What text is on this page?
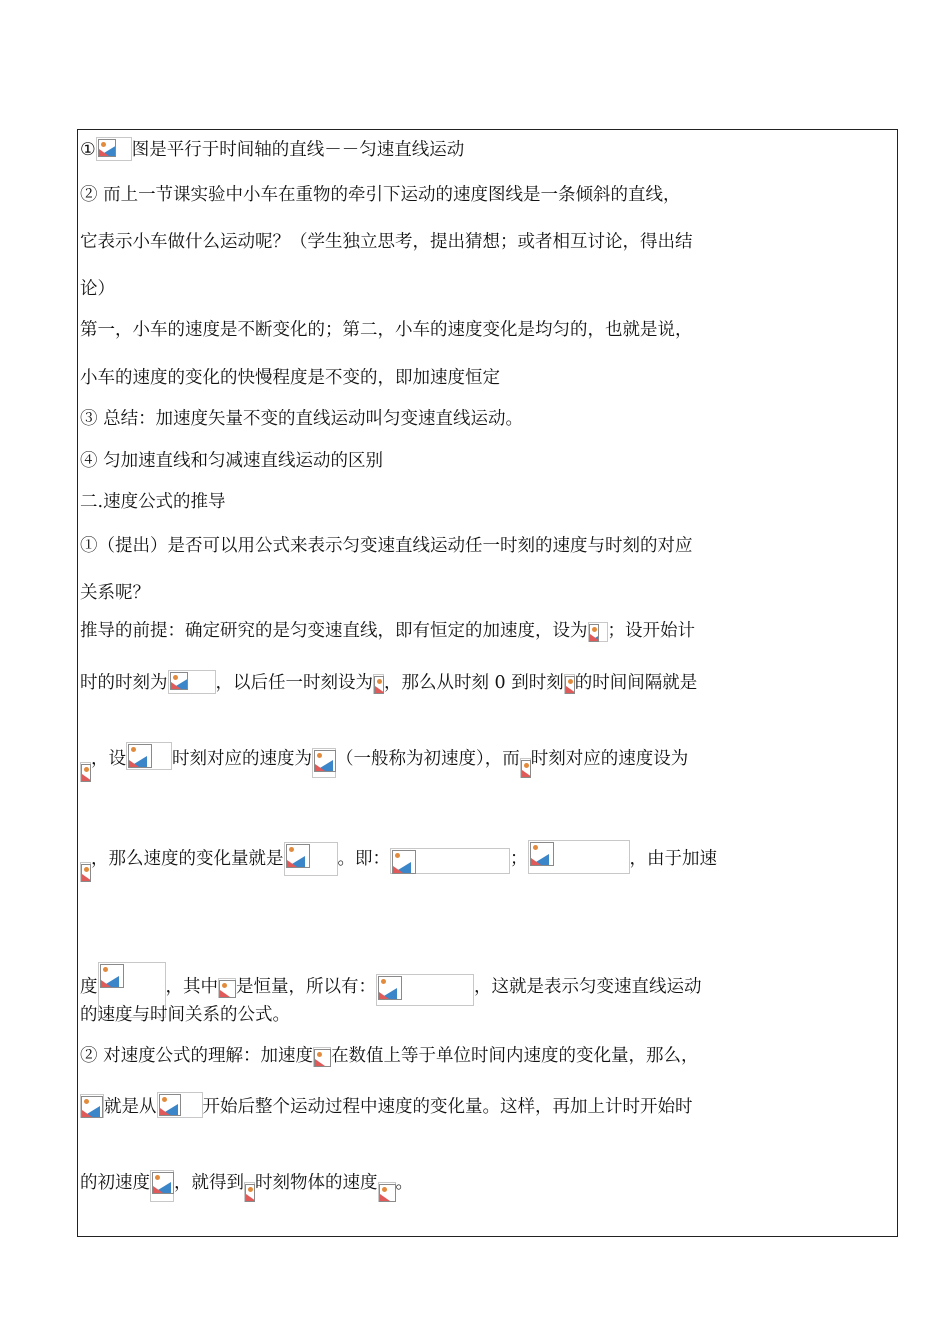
① 图是平行于时间轴的直线－－匀速直线运动
② 而上一节课实验中小车在重物的牵引下运动的速度图线是一条倾斜的直线，
它表示小车做什么运动呢？（学生独立思考，提出猜想；或者相互讨论，得出结
论）
第一，小车的速度是不断变化的；第二，小车的速度变化是均匀的，也就是说，
小车的速度的变化的快慢程度是不变的，即加速度恒定
③ 总结：加速度矢量不变的直线运动叫匀变速直线运动。
④ 匀加速直线和匀减速直线运动的区别
二.速度公式的推导
①（提出）是否可以用公式来表示匀变速直线运动任一时刻的速度与时刻的对应
关系呢？
推导的前提：确定研究的是匀变速直线，即有恒定的加速度，设为 ；设开始计
时的时刻为	，以后任一时刻设为 ，那么从时刻 0 到时刻 的时间间隔就是
，设	时刻对应的速度为 （一般称为初速度），而 时刻对应的速度设为
，那么速度的变化量就是	。即：	；	，由于加速
度	，其中 是恒量，所以有：	，这就是表示匀变速直线运动
的速度与时间关系的公式。
② 对速度公式的理解：加速度 在数值上等于单位时间内速度的变化量，那么，
就是从	开始后整个运动过程中速度的变化量。这样，再加上计时开始时
的初速度 ，就得到 时刻物体的速度 。
